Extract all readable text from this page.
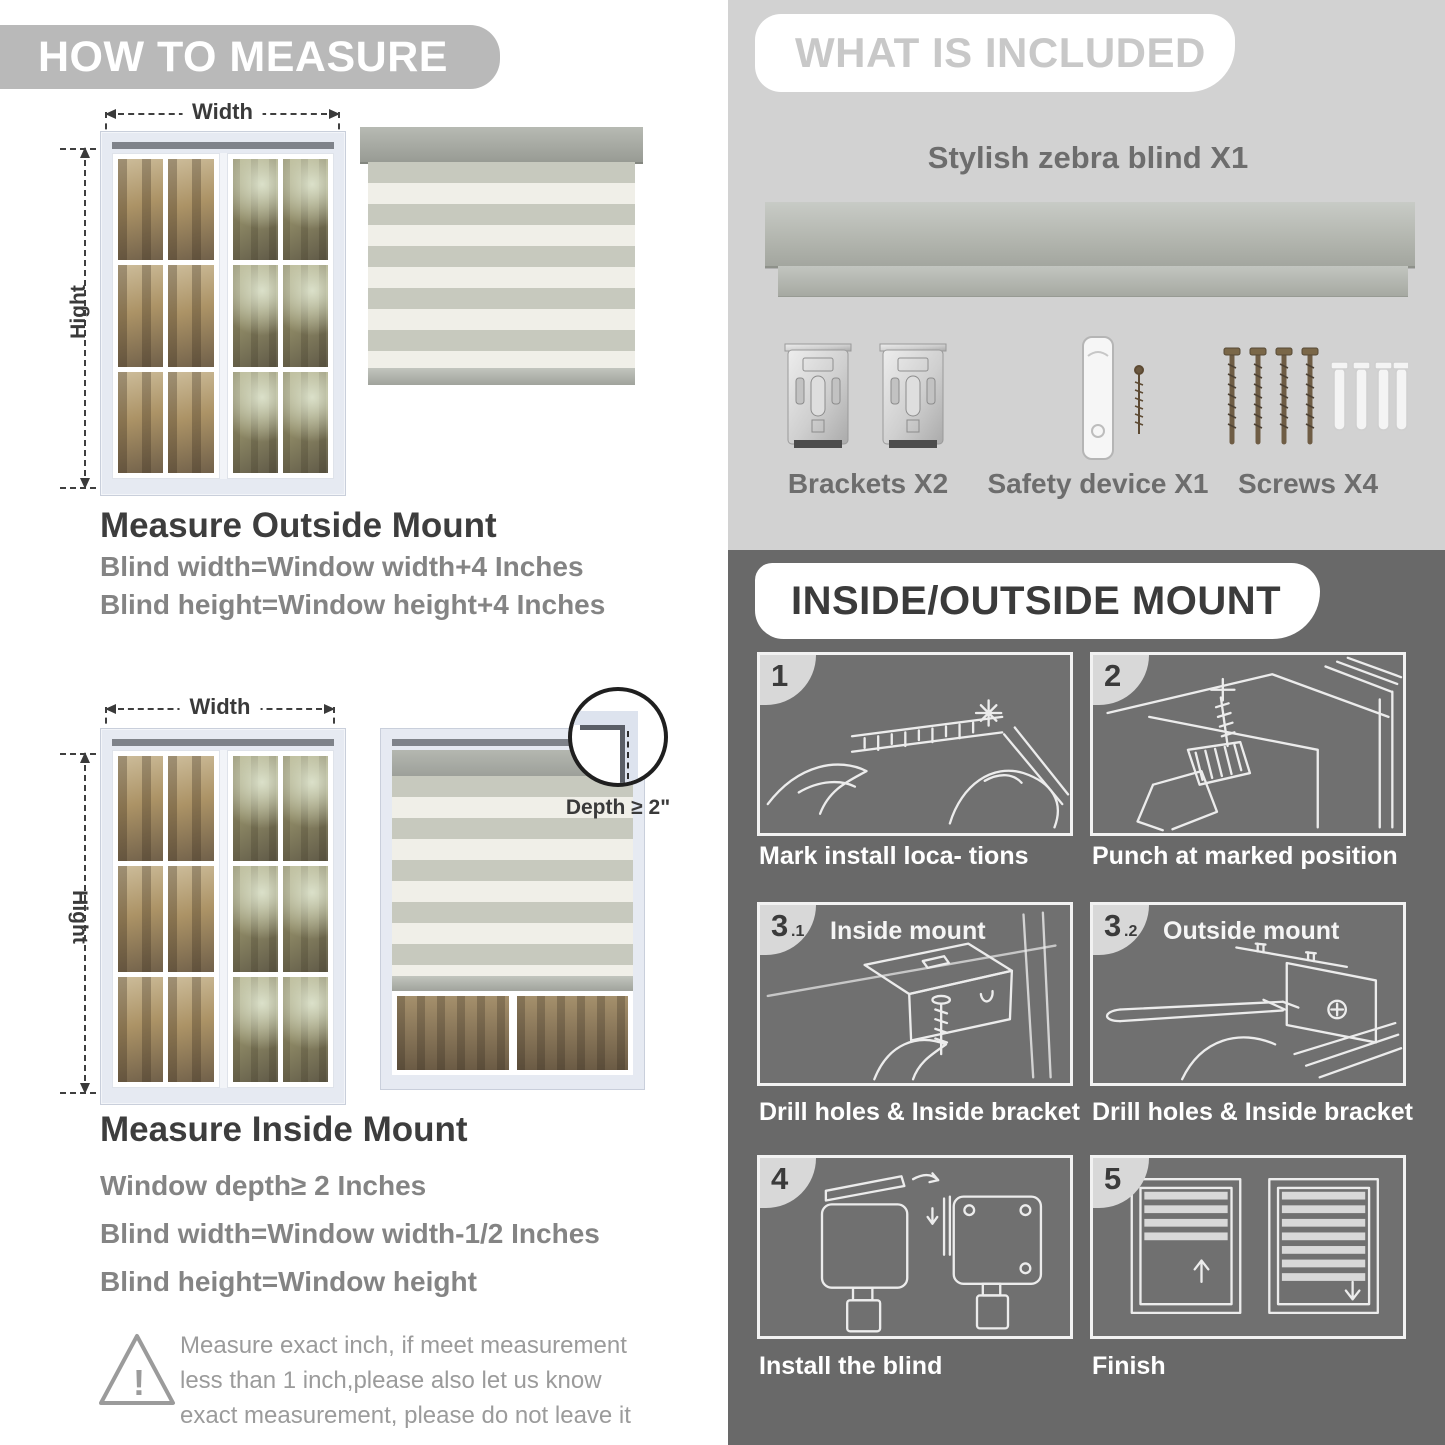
HOW TO MEASURE
Width
Hight
Measure Outside Mount
Blind width=Window width+4 Inches
Blind height=Window height+4 Inches
Width
Hight
Depth ≥ 2"
Measure Inside Mount
Window depth≥ 2 Inches
Blind width=Window width-1/2 Inches
Blind height=Window height
!
Measure exact inch, if meet measurement less than 1 inch,please also let us know exact measurement, please do not leave it
WHAT IS INCLUDED
Stylish zebra blind X1
Brackets X2	Safety device X1	Screws X4
INSIDE/OUTSIDE MOUNT
1
Mark install loca- tions
2
Punch at marked position
3 .1 Inside mount
Drill holes & Inside bracket
3 .2 Outside mount
Drill holes & Inside bracket
4
Install the blind
5
Finish
